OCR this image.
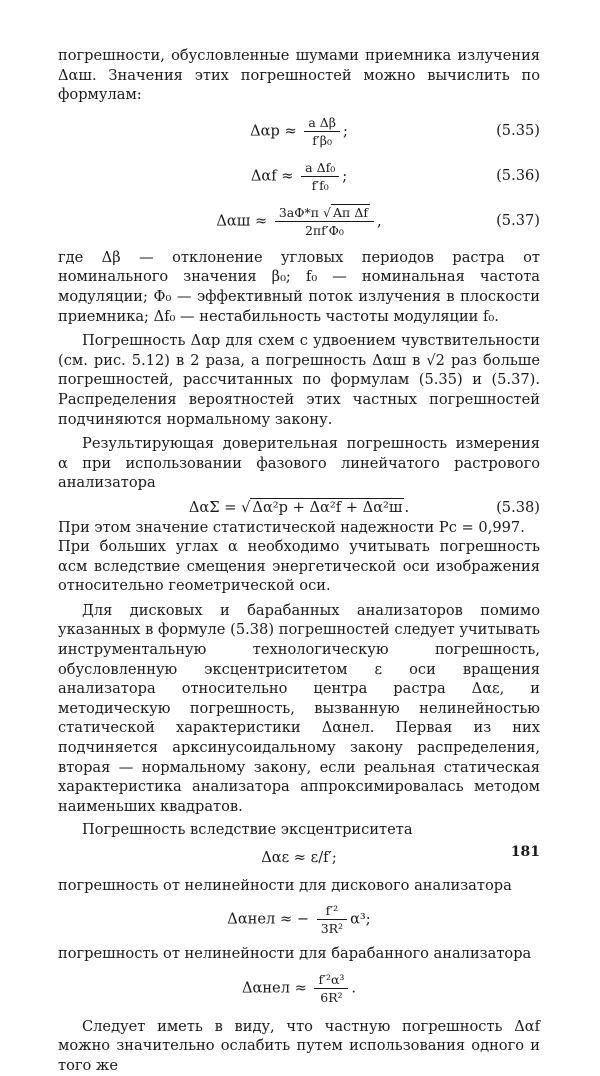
погрешности, обусловленные шумами приемника излучения Δαш. Значения этих погрешностей можно вычислить по формулам:

$\Delta\alpha р \approx \frac{\text{a Δβ}}{\text{f′β₀}}$ ;	(5.35)
$\Delta\alpha f \approx \frac{\text{a Δf₀}}{\text{f′f₀}}$ ;	(5.36)
$\Delta\alpha ш \approx \frac{\text{3aΦ*п √ Aп Δf}}{\text{2πf′Φ₀}}$ ,	(5.37)

где Δβ — отклонение угловых периодов растра от номинального значения β₀; f₀ — номинальная частота модуляции; Φ₀ — эффективный поток излучения в плоскости приемника; Δf₀ — нестабильность частоты модуляции f₀.

Погрешность Δαр для схем с удвоением чувствительности (см. рис. 5.12) в 2 раза, а погрешность Δαш в √2 раз больше погрешностей, рассчитанных по формулам (5.35) и (5.37). Распределения вероятностей этих частных погрешностей подчиняются нормальному закону.

Результирующая доверительная погрешность измерения α при использовании фазового линейчатого растрового анализатора

ΔαΣ = √ Δα²р + Δα²f + Δα²ш .	(5.38)

При этом значение статистической надежности Pс = 0,997.

При больших углах α необходимо учитывать погрешность αсм вследствие смещения энергетической оси изображения относительно геометрической оси.

Для дисковых и барабанных анализаторов помимо указанных в формуле (5.38) погрешностей следует учитывать инструментальную технологическую погрешность, обусловленную эксцентриситетом ε оси вращения анализатора относительно центра растра Δαε, и методическую погрешность, вызванную нелинейностью статической характеристики Δαнел. Первая из них подчиняется арксинусоидальному закону распределения, вторая — нормальному закону, если реальная статическая характеристика анализатора аппроксимировалась методом наименьших квадратов.

Погрешность вследствие эксцентриситета

Δαε ≈ ε/f′;

погрешность от нелинейности для дискового анализатора

Δαнел ≈ − $\frac{\text{f′²}}{\text{3R²}} \alpha^3$;

погрешность от нелинейности для барабанного анализатора

$\Delta\alpha нел \approx \frac{\text{f′²α³}}{\text{6R²}}$ .

Следует иметь в виду, что частную погрешность Δαf можно значительно ослабить путем использования одного и того же

181
